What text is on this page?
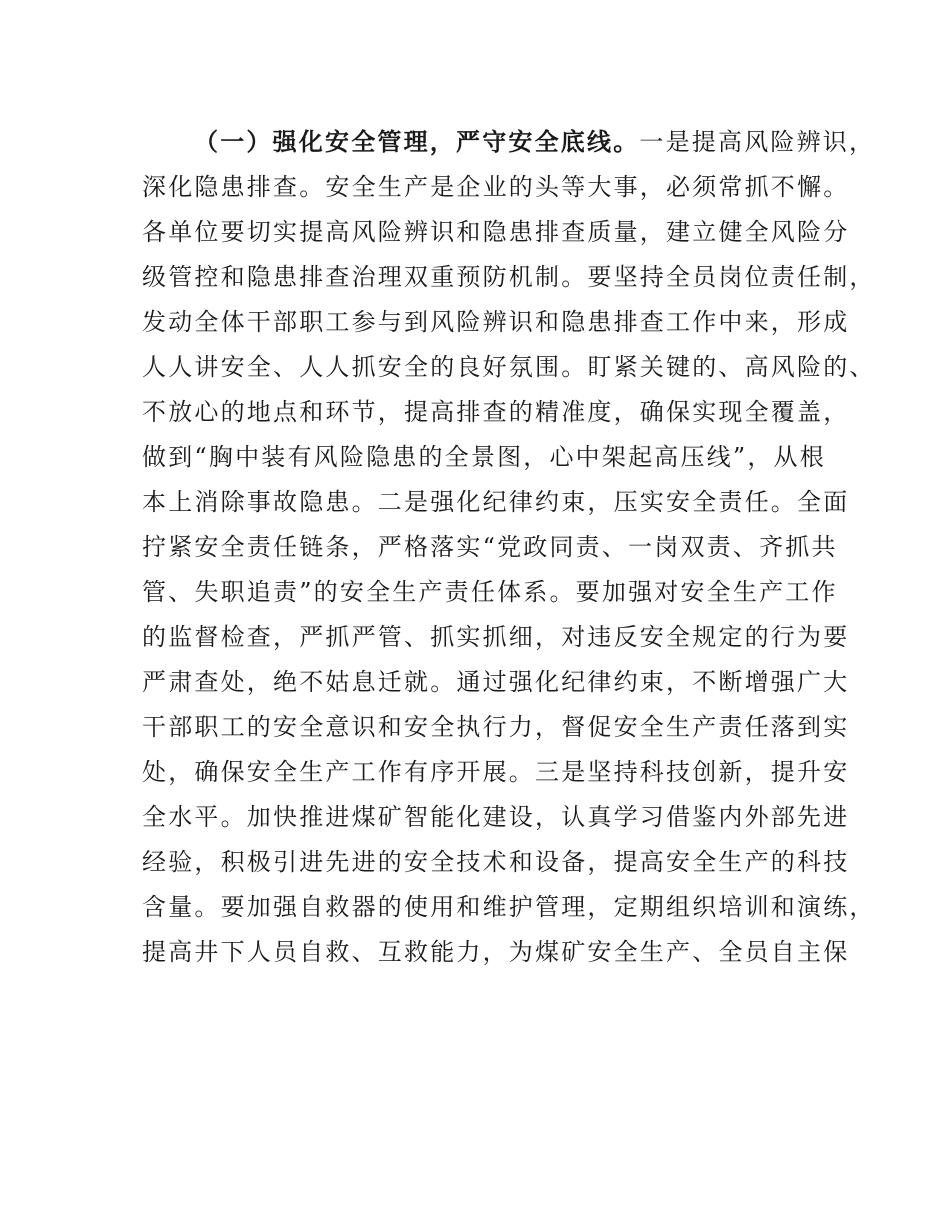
（一）强化安全管理，严守安全底线。一是提高风险辨识，
深化隐患排查。安全生产是企业的头等大事，必须常抓不懈。
各单位要切实提高风险辨识和隐患排查质量，建立健全风险分
级管控和隐患排查治理双重预防机制。要坚持全员岗位责任制，
发动全体干部职工参与到风险辨识和隐患排查工作中来，形成
人人讲安全、人人抓安全的良好氛围。盯紧关键的、高风险的、
不放心的地点和环节，提高排查的精准度，确保实现全覆盖，
做到“胸中装有风险隐患的全景图，心中架起高压线”，从根
本上消除事故隐患。二是强化纪律约束，压实安全责任。全面
拧紧安全责任链条，严格落实“党政同责、一岗双责、齐抓共
管、失职追责”的安全生产责任体系。要加强对安全生产工作
的监督检查，严抓严管、抓实抓细，对违反安全规定的行为要
严肃查处，绝不姑息迁就。通过强化纪律约束，不断增强广大
干部职工的安全意识和安全执行力，督促安全生产责任落到实
处，确保安全生产工作有序开展。三是坚持科技创新，提升安
全水平。加快推进煤矿智能化建设，认真学习借鉴内外部先进
经验，积极引进先进的安全技术和设备，提高安全生产的科技
含量。要加强自救器的使用和维护管理，定期组织培训和演练，
提高井下人员自救、互救能力，为煤矿安全生产、全员自主保
